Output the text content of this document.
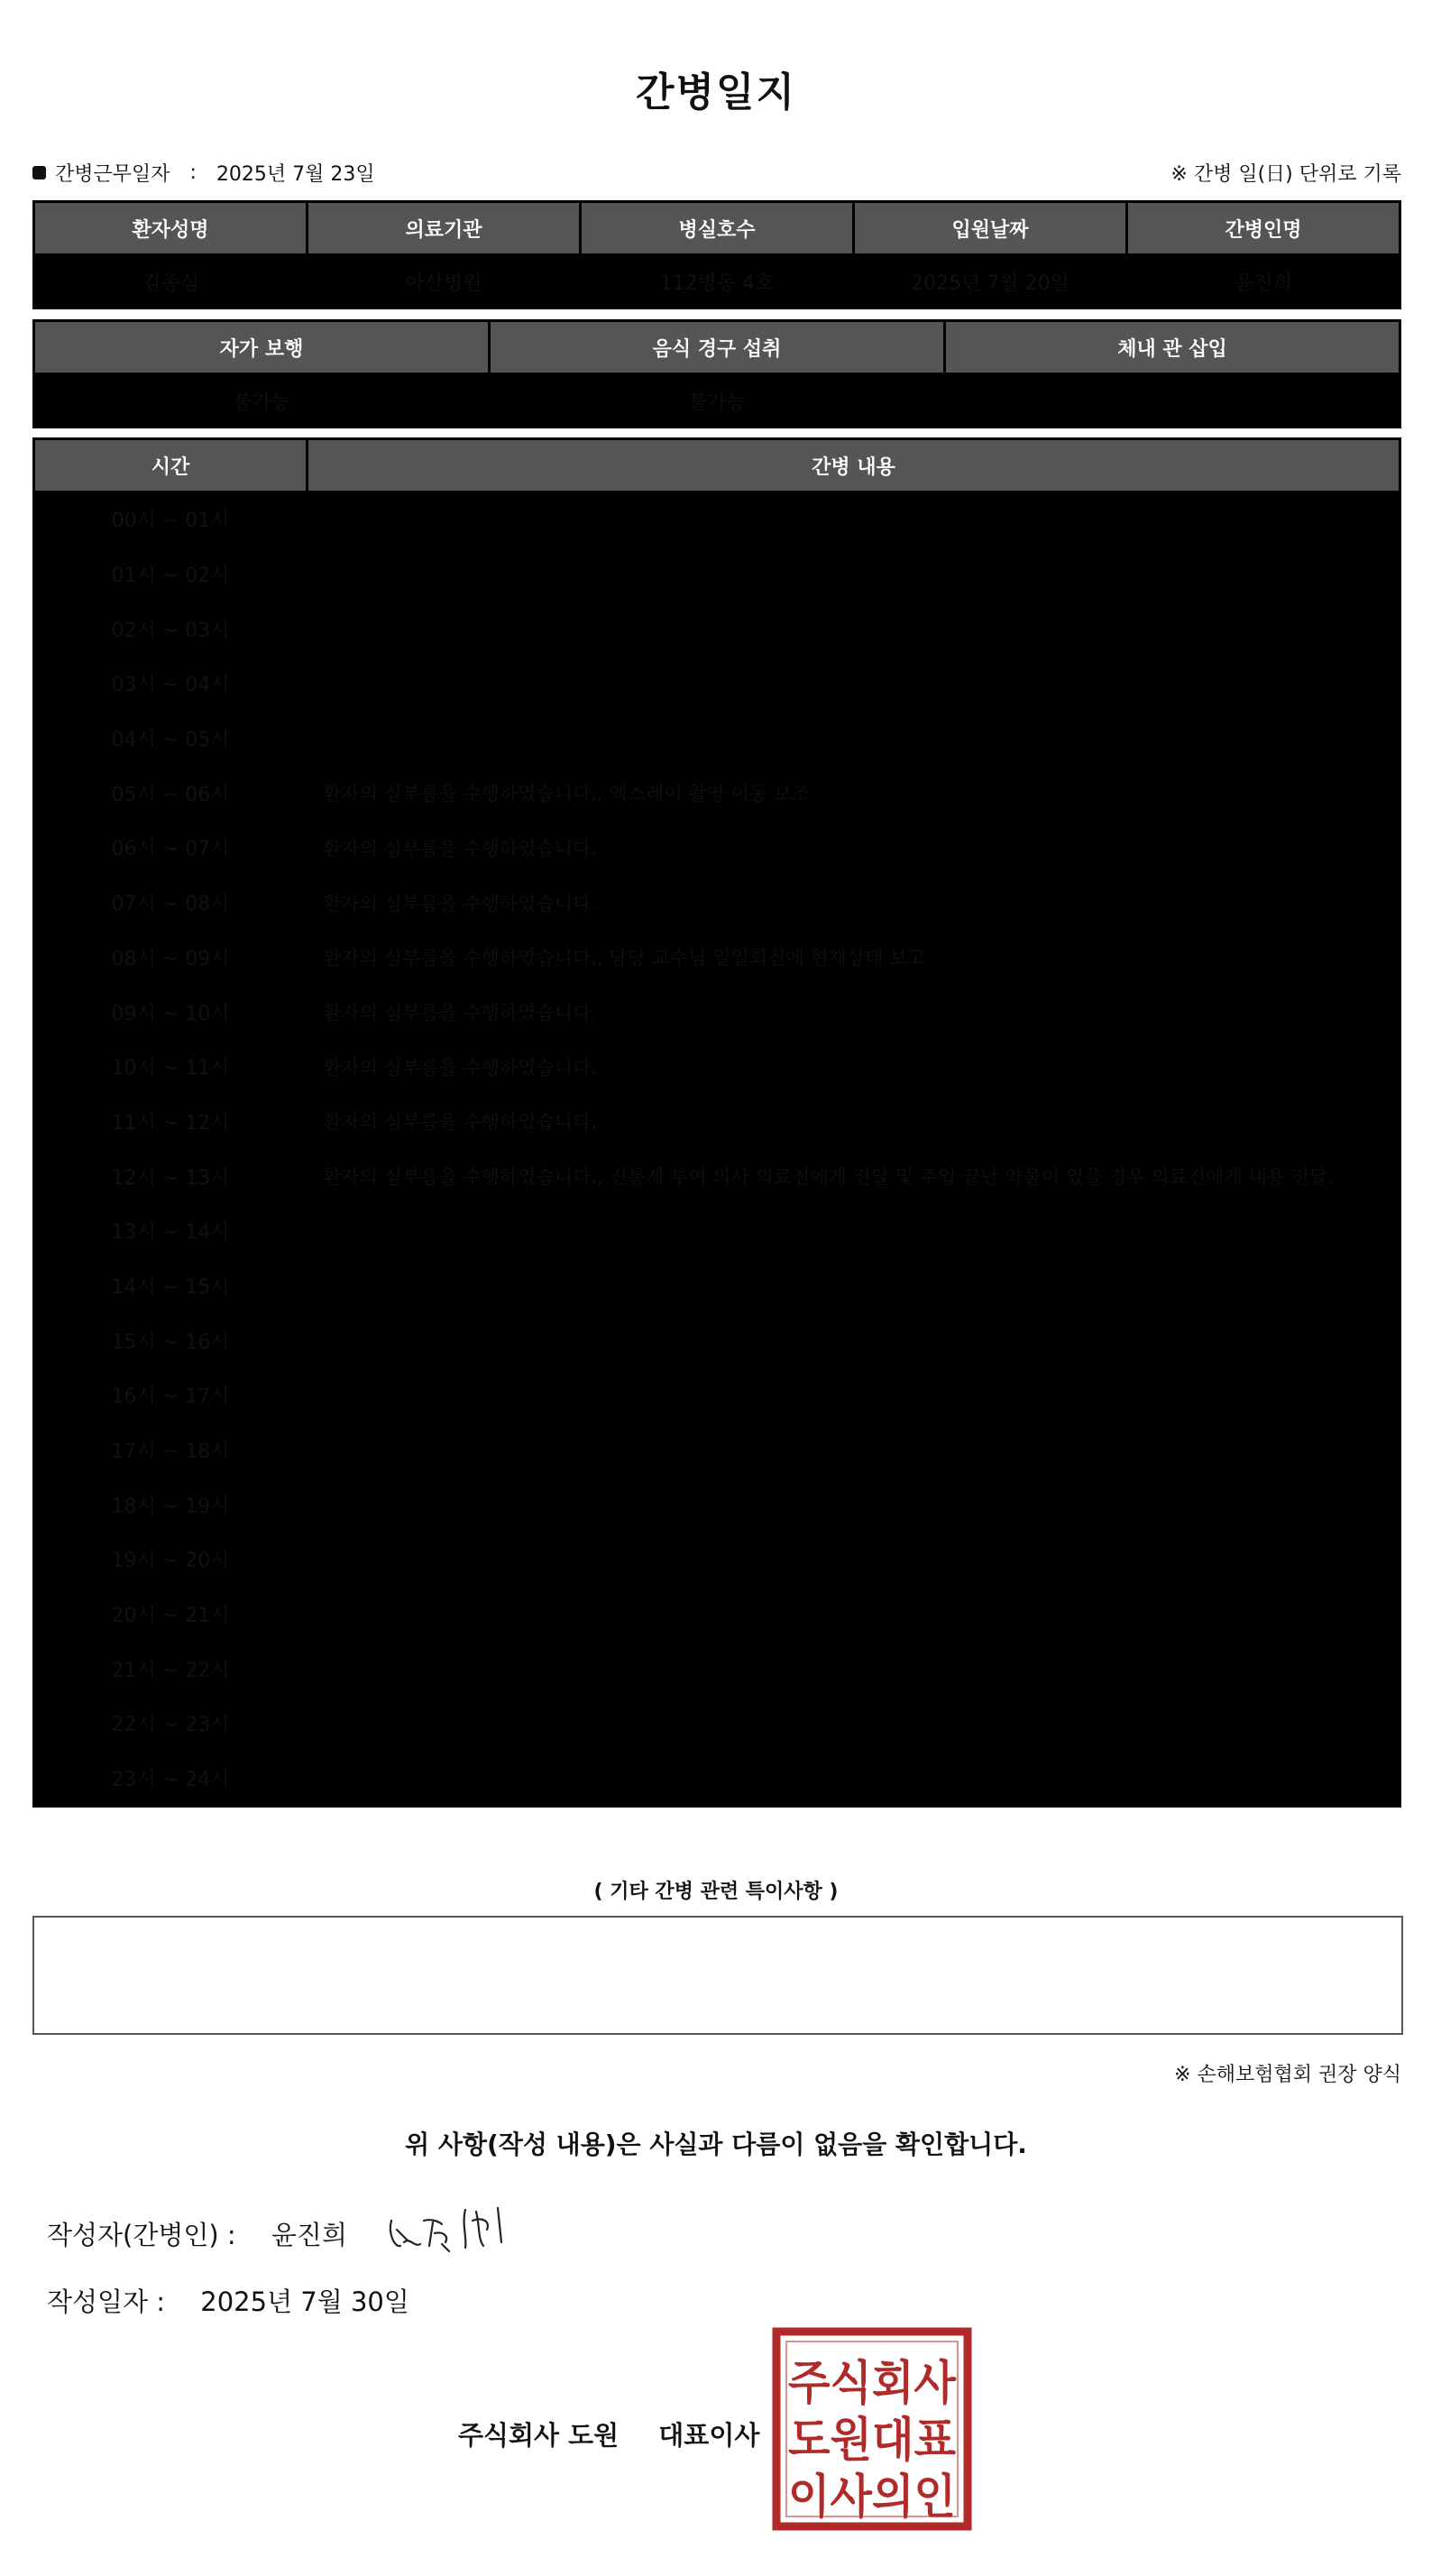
간병일지
간병근무일자 : 2025년 7월 23일	※ 간병 일(日) 단위로 기록
환자성명	의료기관	병실호수	입원날짜	간병인명
김종심	아산병원	112병동 4호	2025년 7월 20일	윤진희
자가 보행	음식 경구 섭취	체내 관 삽입
불가능	불가능	
시간	간병 내용
00시 ~ 01시	
01시 ~ 02시	
02시 ~ 03시	
03시 ~ 04시	
04시 ~ 05시	
05시 ~ 06시	환자의 심부름을 수행하였습니다., 엑스레이 촬영 이동 보조
06시 ~ 07시	환자의 심부름을 수행하였습니다.
07시 ~ 08시	환자의 심부름을 수행하였습니다.
08시 ~ 09시	환자의 심부름을 수행하였습니다., 담당 교수님 일일회진에 현재상태 보고
09시 ~ 10시	환자의 심부름을 수행하였습니다.
10시 ~ 11시	환자의 심부름을 수행하였습니다.
11시 ~ 12시	환자의 심부름을 수행하였습니다.
12시 ~ 13시	환자의 심부름을 수행하였습니다., 진통제 투여 의사 의료진에게 전달 및 주입 끝난 약물이 있을 경우 의료진에게 내용 전달.
13시 ~ 14시	
14시 ~ 15시	
15시 ~ 16시	
16시 ~ 17시	
17시 ~ 18시	
18시 ~ 19시	
19시 ~ 20시	
20시 ~ 21시	
21시 ~ 22시	
22시 ~ 23시	
23시 ~ 24시	
( 기타 간병 관련 특이사항 )
※ 손해보험협회 권장 양식
위 사항(작성 내용)은 사실과 다름이 없음을 확인합니다.
작성자(간병인) : 윤진희
작성일자 : 2025년 7월 30일
주식회사 도원 대표이사
주식회사
도원대표
이사의인
